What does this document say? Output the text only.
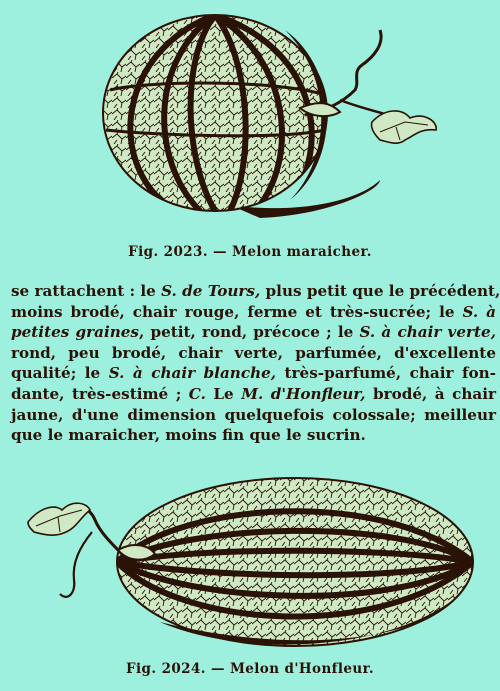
Fig. 2023. — Melon maraicher.
se rattachent : le S. de Tours, plus petit que le précédent,
moins brodé, chair rouge, ferme et très-sucrée; le S. à
petites graines, petit, rond, précoce ; le S. à chair verte,
rond, peu brodé, chair verte, parfumée, d'excellente
qualité; le S. à chair blanche, très-parfumé, chair fon-
dante, très-estimé ; C. Le M. d'Honfleur, brodé, à chair
jaune, d'une dimension quelquefois colossale; meilleur
que le maraicher, moins fin que le sucrin.
Fig. 2024. — Melon d'Honfleur.
